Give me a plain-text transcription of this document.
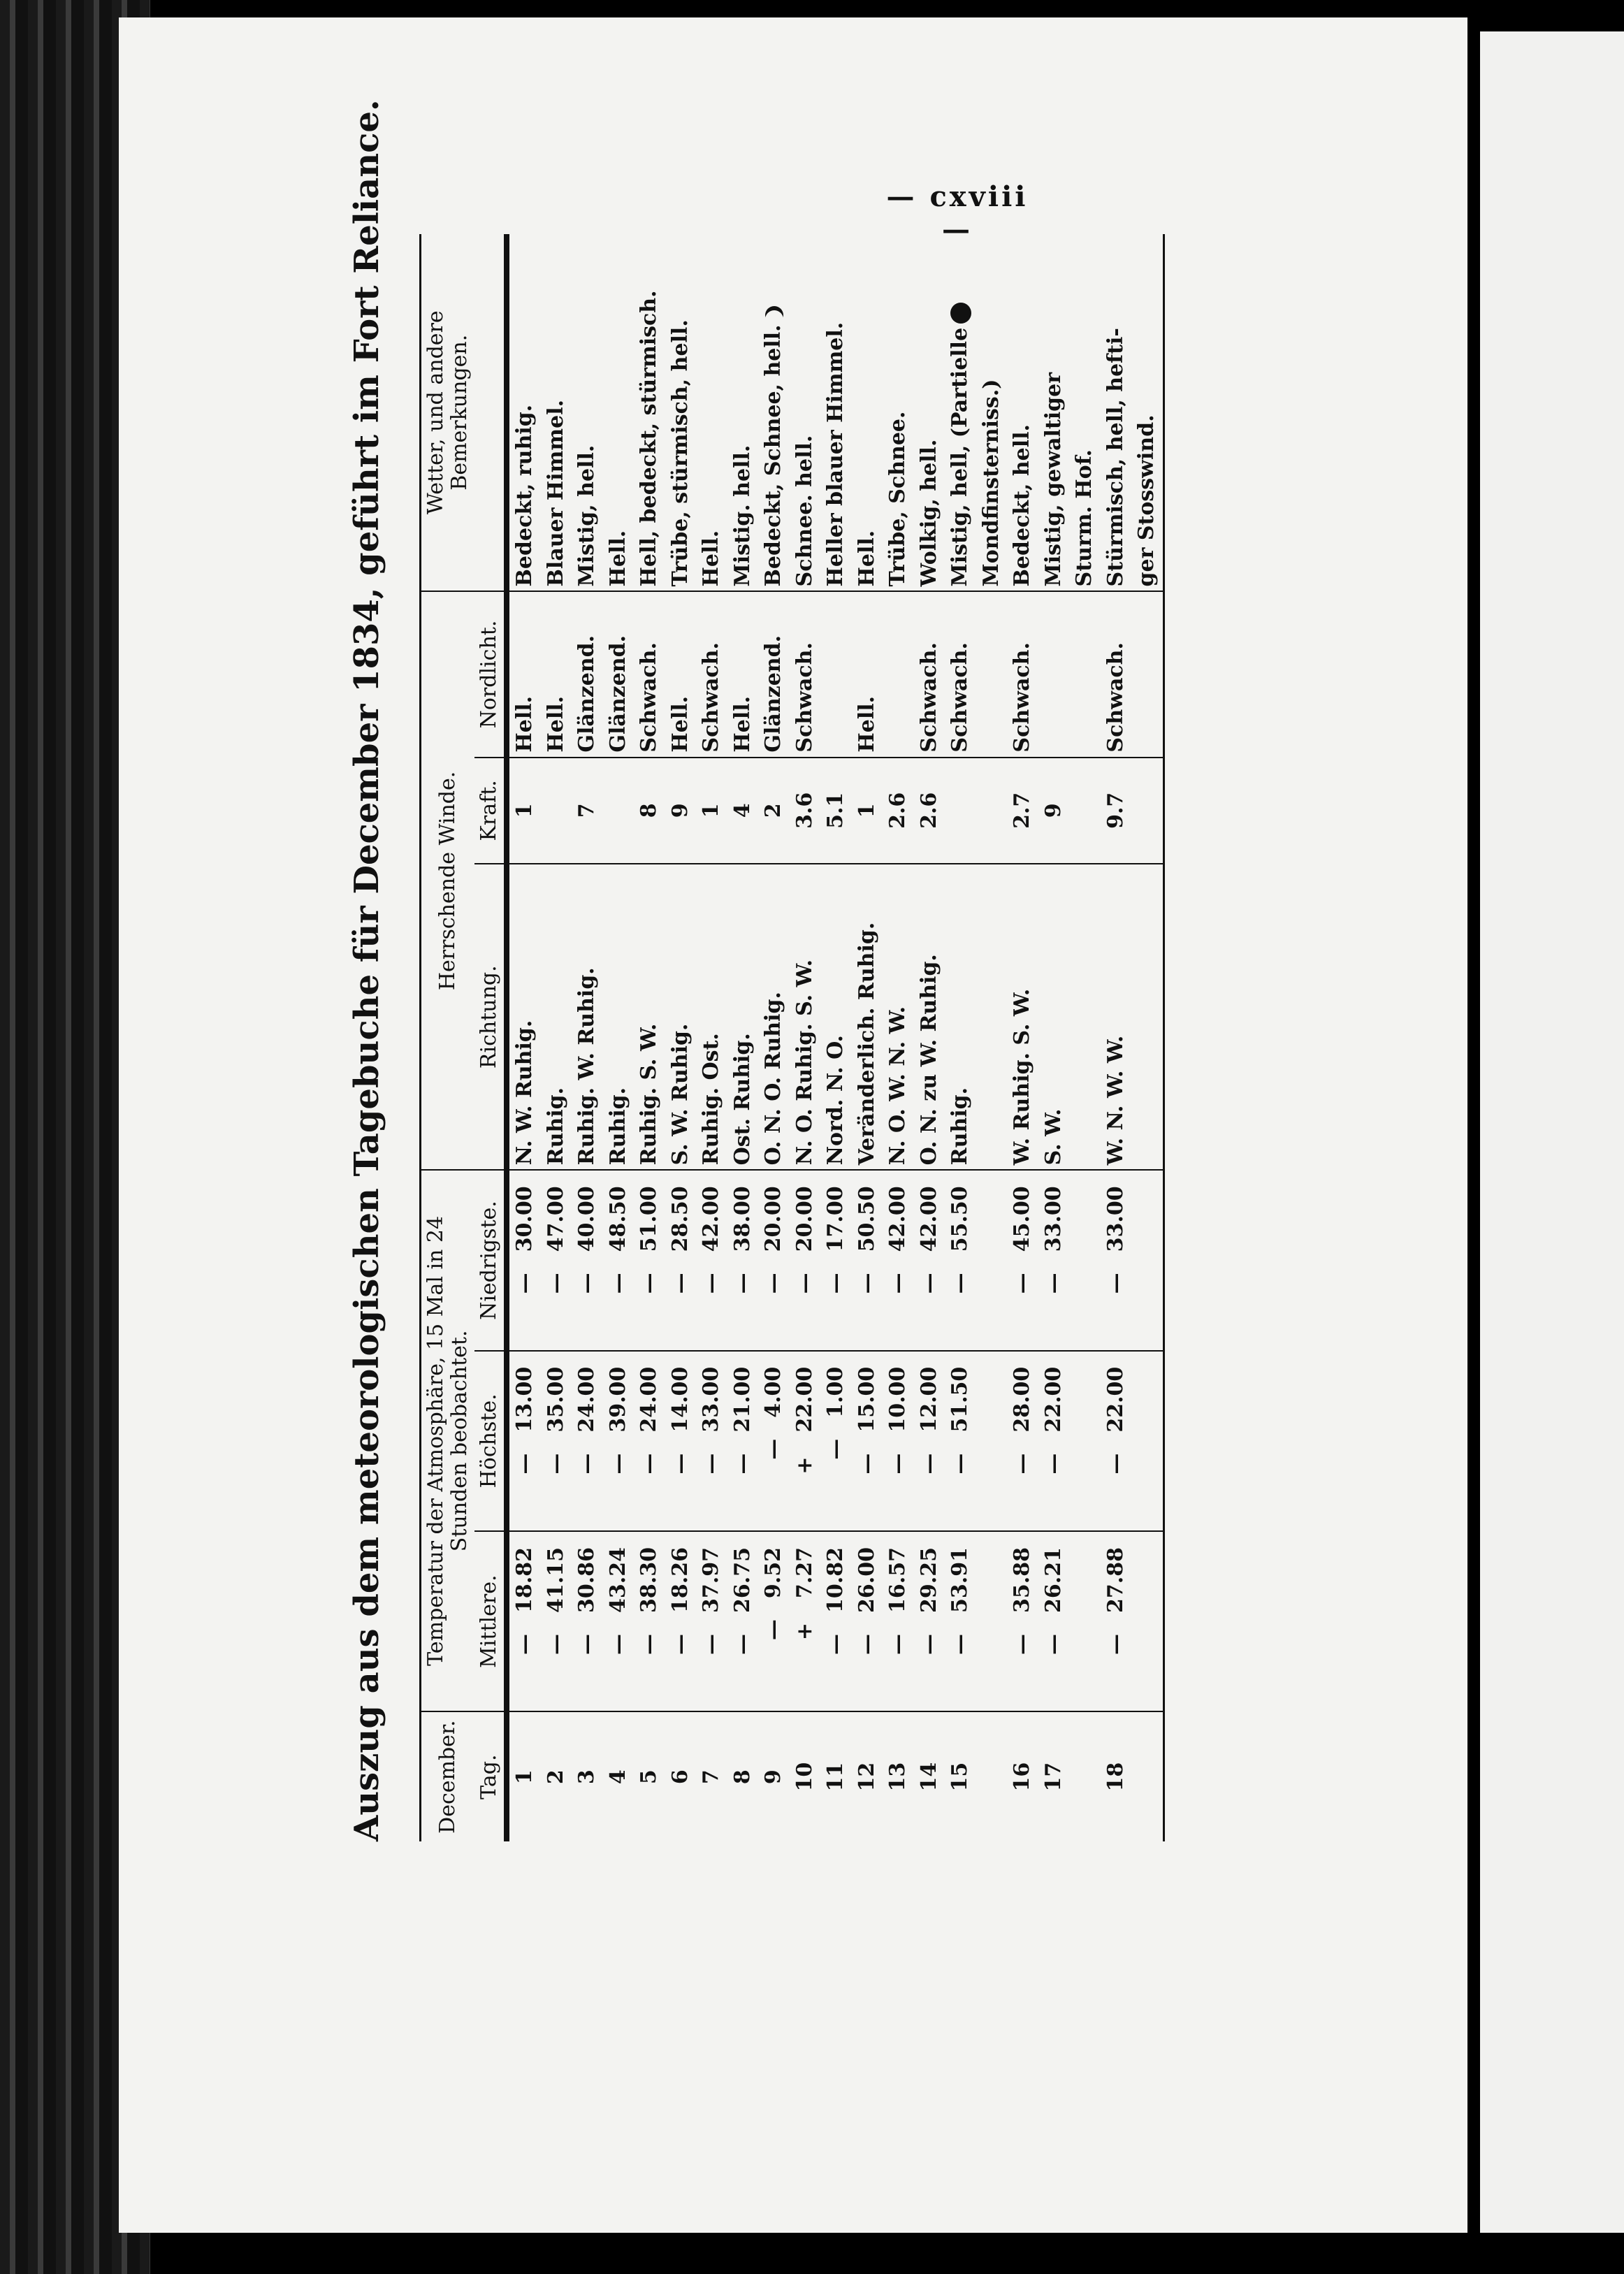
— cxviii —
Auszug aus dem meteorologischen Tagebuche für December 1834, geführt im Fort Reliance. December.	Temperatur der Atmosphäre, 15 Mal in 24 Stunden beobachtet.			Herrschende Winde.			Wetter, und andere Bemerkungen.

Tag.	Mittlere.	Höchste.	Niedrigste.	Richtung.	Kraft.	Nordlicht.	
1	—18.82	—13.00	—30.00	N. W. Ruhig.	1	Hell.	Bedeckt, ruhig.
2	—41.15	—35.00	—47.00	Ruhig.		Hell.	Blauer Himmel.
3	—30.86	—24.00	—40.00	Ruhig. W. Ruhig.	7	Glänzend.	Mistig, hell.
4	—43.24	—39.00	—48.50	Ruhig.		Glänzend.	Hell.
5	—38.30	—24.00	—51.00	Ruhig. S. W.	8	Schwach.	Hell, bedeckt, stürmisch.
6	—18.26	—14.00	—28.50	S. W. Ruhig.	9	Hell.	Trübe, stürmisch, hell.
7	—37.97	—33.00	—42.00	Ruhig. Ost.	1	Schwach.	Hell.
8	—26.75	—21.00	—38.00	Ost. Ruhig.	4	Hell.	Mistig. hell.
9	—9.52	—4.00	—20.00	O. N. O. Ruhig.	2	Glänzend.	Bedeckt, Schnee, hell.
10	+7.27	+22.00	—20.00	N. O. Ruhig. S. W.	3.6	Schwach.	Schnee. hell.
11	—10.82	—1.00	—17.00	Nord. N. O.	5.1		Heller blauer Himmel.
12	—26.00	—15.00	—50.50	Veränderlich. Ruhig.	1	Hell.	Hell.
13	—16.57	—10.00	—42.00	N. O. W. N. W.	2.6		Trübe, Schnee.
14	—29.25	—12.00	—42.00	O. N. zu W. Ruhig.	2.6	Schwach.	Wolkig, hell.
15	—53.91	—51.50	—55.50	Ruhig.		Schwach.	Mistig, hell, (Partielle
							Mondfinsterniss.)
16	—35.88	—28.00	—45.00	W. Ruhig. S. W.	2.7	Schwach.	Bedeckt, hell.
17	—26.21	—22.00	—33.00	S. W.	9		Mistig, gewaltiger
							Sturm. Hof.
18	—27.88	—22.00	—33.00	W. N. W. W.	9.7	Schwach.	Stürmisch, hell, hefti-
							ger Stosswind.
